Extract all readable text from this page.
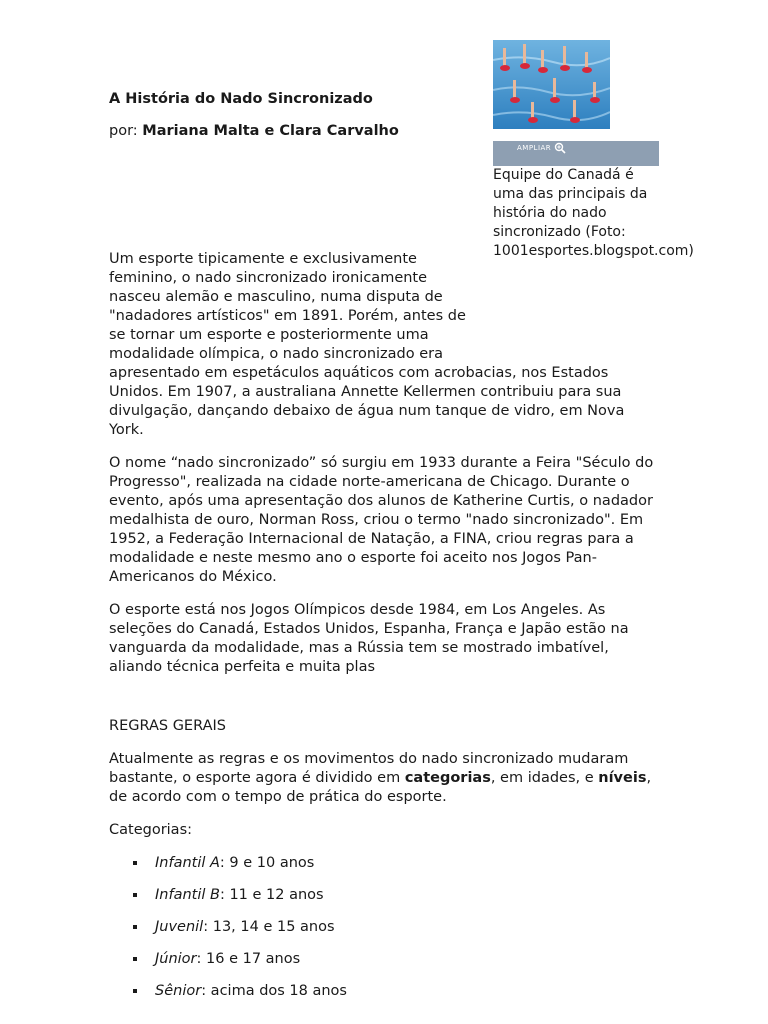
A História do Nado Sincronizado
por: Mariana Malta e Clara Carvalho
AMPLIAR
Equipe do Canadá é uma das principais da história do nado sincronizado (Foto: 1001esportes.blogspot.com)

Um esporte tipicamente e exclusivamente feminino, o nado sincronizado ironicamente nasceu alemão e masculino, numa disputa de "nadadores artísticos" em 1891. Porém, antes de se tornar um esporte e posteriormente uma modalidade olímpica, o nado sincronizado era apresentado em espetáculos aquáticos com acrobacias, nos Estados Unidos. Em 1907, a australiana Annette Kellermen contribuiu para sua divulgação, dançando debaixo de água num tanque de vidro, em Nova York.

O nome “nado sincronizado” só surgiu em 1933 durante a Feira "Século do Progresso", realizada na cidade norte-americana de Chicago. Durante o evento, após uma apresentação dos alunos de Katherine Curtis, o nadador medalhista de ouro, Norman Ross, criou o termo "nado sincronizado". Em 1952, a Federação Internacional de Natação, a FINA, criou regras para a modalidade e neste mesmo ano o esporte foi aceito nos Jogos Pan-Americanos do México.

O esporte está nos Jogos Olímpicos desde 1984, em Los Angeles. As seleções do Canadá, Estados Unidos, Espanha, França e Japão estão na vanguarda da modalidade, mas a Rússia tem se mostrado imbatível, aliando técnica perfeita e muita plas

REGRAS GERAIS

Atualmente as regras e os movimentos do nado sincronizado mudaram bastante, o esporte agora é dividido em categorias, em idades, e níveis, de acordo com o tempo de prática do esporte.

Categorias:

Infantil A: 9 e 10 anos
Infantil B: 11 e 12 anos
Juvenil: 13, 14 e 15 anos
Júnior: 16 e 17 anos
Sênior: acima dos 18 anos
